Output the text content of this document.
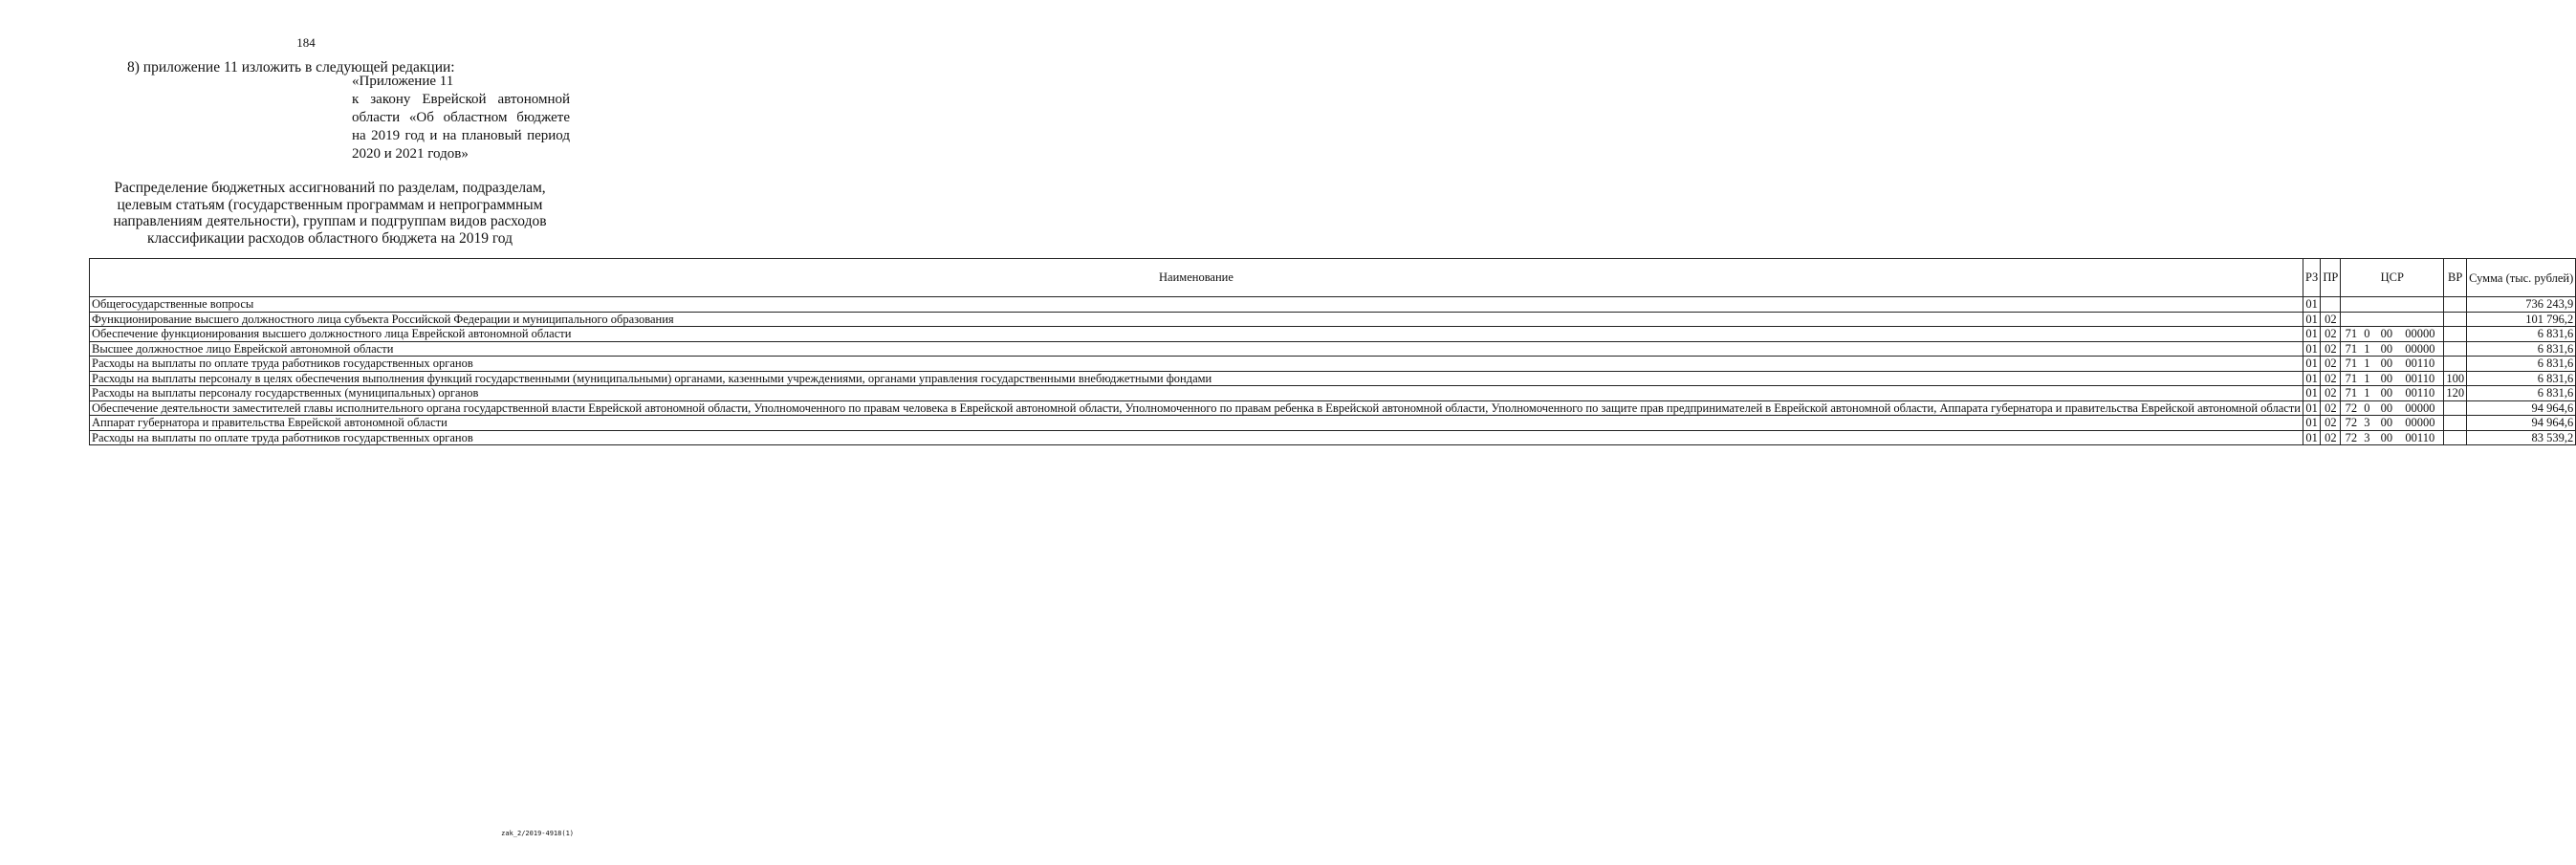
184
8) приложение 11 изложить в следующей редакции:
«Приложение 11
к закону Еврейской автономной
области «Об областном бюджете
на 2019 год и на плановый период
2020 и 2021 годов»
Распределение бюджетных ассигнований по разделам, подразделам,
целевым статьям (государственным программам и непрограммным
направлениям деятельности), группам и подгруппам видов расходов
классификации расходов областного бюджета на 2019 год
Наименование	РЗ	ПР	ЦСР	ВР	Сумма (тыс. рублей)
Общегосударственные вопросы	01				736 243,9
Функционирование высшего должностного лица субъекта Российской Федерации и муниципального образования	01	02			101 796,2
Обеспечение функционирования высшего должностного лица Еврейской автономной области	01	02	71 0 00 00000		6 831,6
Высшее должностное лицо Еврейской автономной области	01	02	71 1 00 00000		6 831,6
Расходы на выплаты по оплате труда работников государственных органов	01	02	71 1 00 00110		6 831,6
Расходы на выплаты персоналу в целях обеспечения выполнения функций государственными (муниципальными) органами, казенными учреждениями, органами управления государственными внебюджетными фондами	01	02	71 1 00 00110	100	6 831,6
Расходы на выплаты персоналу государственных (муниципальных) органов	01	02	71 1 00 00110	120	6 831,6
Обеспечение деятельности заместителей главы исполнительного органа государственной власти Еврейской автономной области, Уполномоченного по правам человека в Еврейской автономной области, Уполномоченного по правам ребенка в Еврейской автономной области, Уполномоченного по защите прав предпринимателей в Еврейской автономной области, Аппарата губернатора и правительства Еврейской автономной области	01	02	72 0 00 00000		94 964,6
Аппарат губернатора и правительства Еврейской автономной области	01	02	72 3 00 00000		94 964,6
Расходы на выплаты по оплате труда работников государственных органов	01	02	72 3 00 00110		83 539,2
zak_2/2019-4918(1)
